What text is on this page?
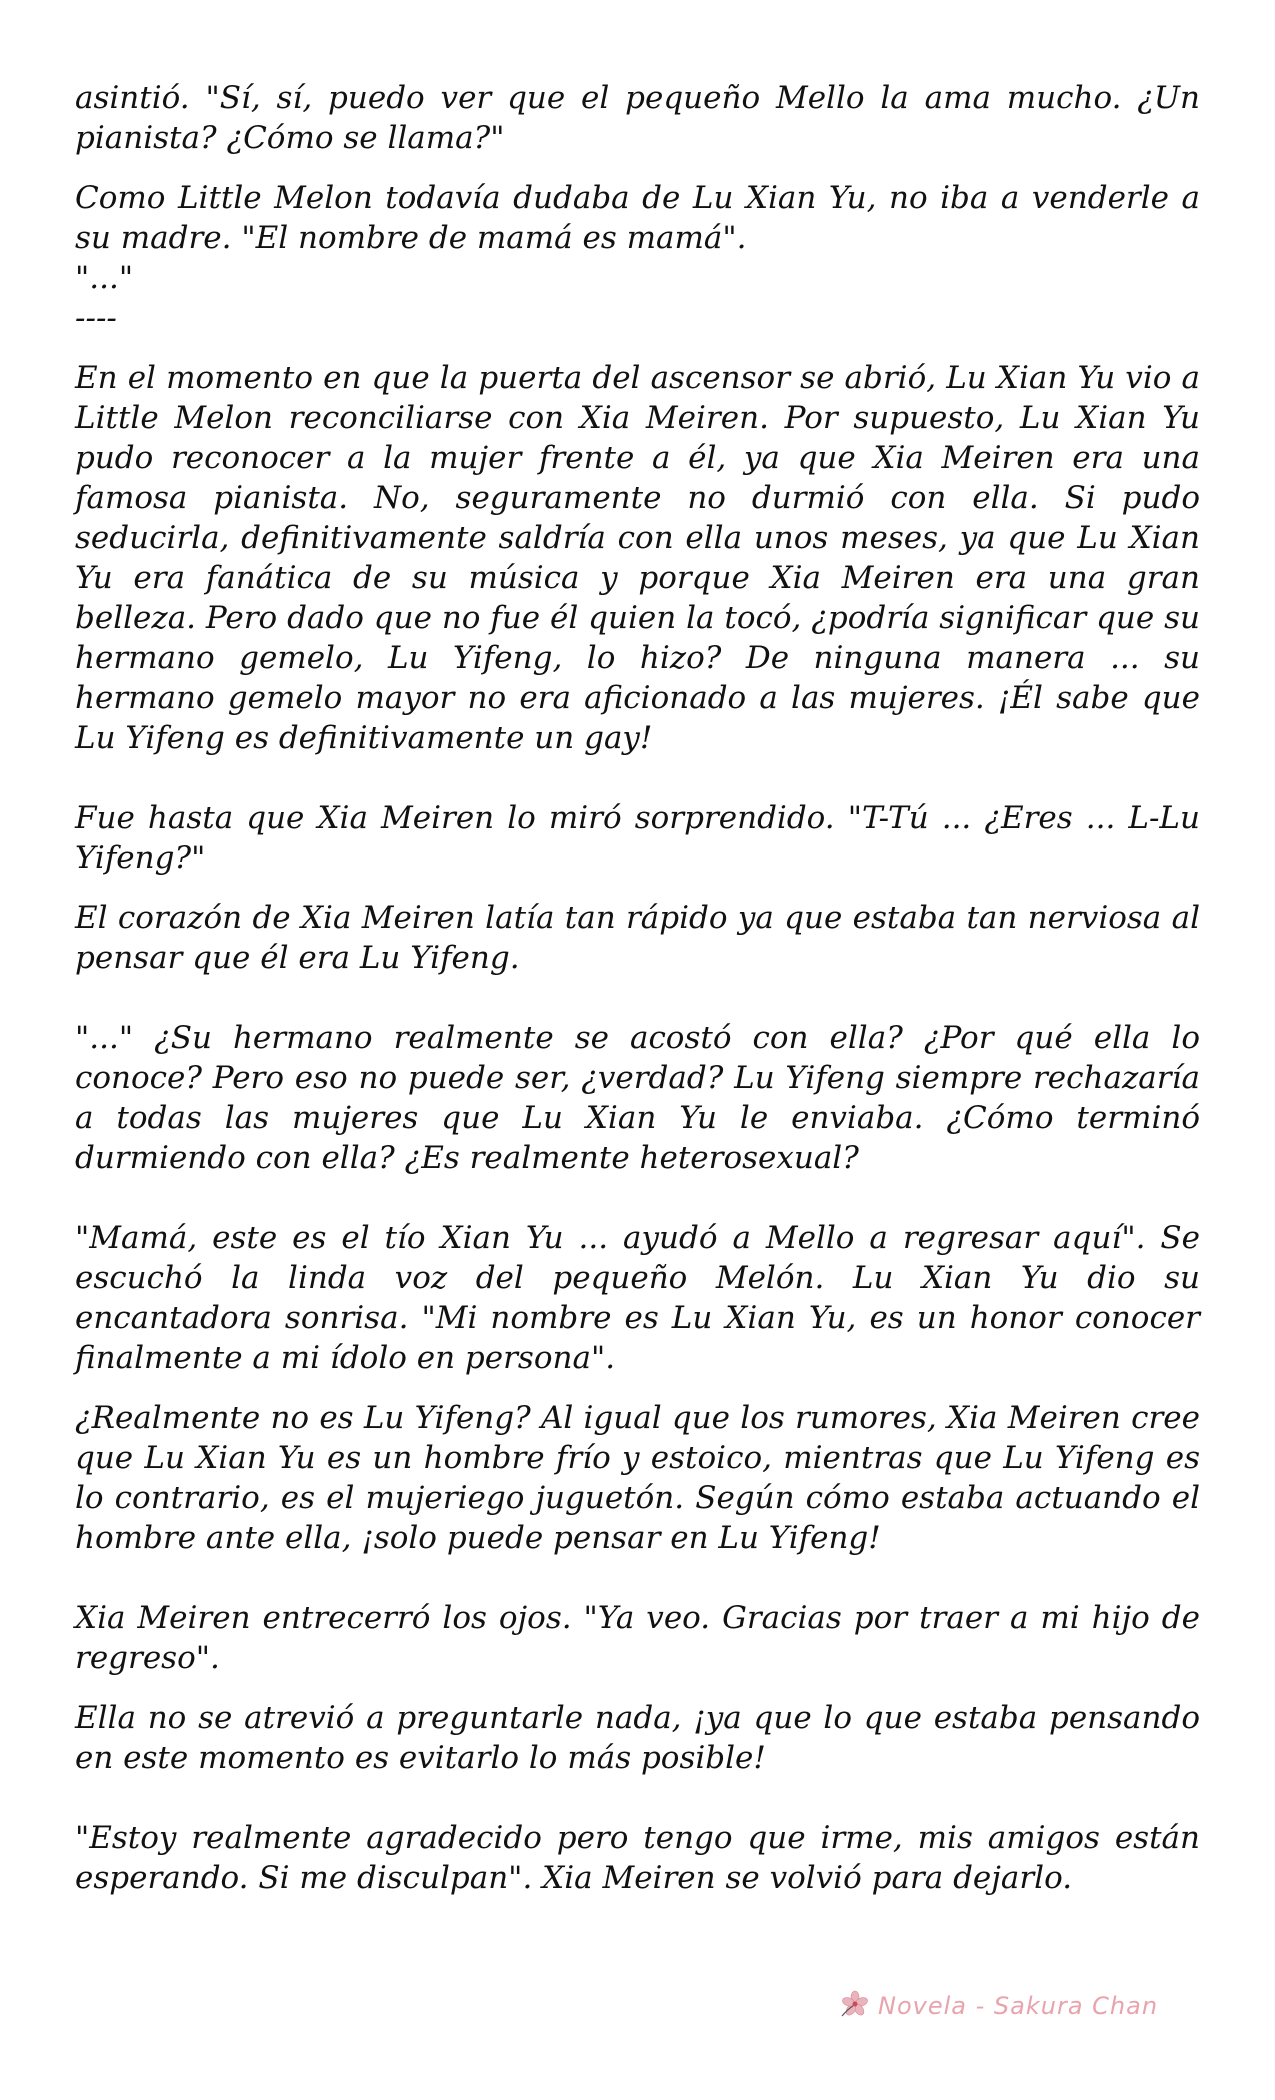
asintió. "Sí, sí, puedo ver que el pequeño Mello la ama mucho. ¿Un pianista? ¿Cómo se llama?"

Como Little Melon todavía dudaba de Lu Xian Yu, no iba a venderle a su madre. "El nombre de mamá es mamá".
"..."
----

En el momento en que la puerta del ascensor se abrió, Lu Xian Yu vio a Little Melon reconciliarse con Xia Meiren. Por supuesto, Lu Xian Yu pudo reconocer a la mujer frente a él, ya que Xia Meiren era una famosa pianista. No, seguramente no durmió con ella. Si pudo seducirla, definitivamente saldría con ella unos meses, ya que Lu Xian Yu era fanática de su música y porque Xia Meiren era una gran belleza. Pero dado que no fue él quien la tocó, ¿podría significar que su hermano gemelo, Lu Yifeng, lo hizo? De ninguna manera ... su hermano gemelo mayor no era aficionado a las mujeres. ¡Él sabe que Lu Yifeng es definitivamente un gay!

Fue hasta que Xia Meiren lo miró sorprendido. "T-Tú ... ¿Eres ... L-Lu Yifeng?"

El corazón de Xia Meiren latía tan rápido ya que estaba tan nerviosa al pensar que él era Lu Yifeng.

"..." ¿Su hermano realmente se acostó con ella? ¿Por qué ella lo conoce? Pero eso no puede ser, ¿verdad? Lu Yifeng siempre rechazaría a todas las mujeres que Lu Xian Yu le enviaba. ¿Cómo terminó durmiendo con ella? ¿Es realmente heterosexual?

"Mamá, este es el tío Xian Yu ... ayudó a Mello a regresar aquí". Se escuchó la linda voz del pequeño Melón. Lu Xian Yu dio su encantadora sonrisa. "Mi nombre es Lu Xian Yu, es un honor conocer finalmente a mi ídolo en persona".

¿Realmente no es Lu Yifeng? Al igual que los rumores, Xia Meiren cree que Lu Xian Yu es un hombre frío y estoico, mientras que Lu Yifeng es lo contrario, es el mujeriego juguetón. Según cómo estaba actuando el hombre ante ella, ¡solo puede pensar en Lu Yifeng!

Xia Meiren entrecerró los ojos. "Ya veo. Gracias por traer a mi hijo de regreso".

Ella no se atrevió a preguntarle nada, ¡ya que lo que estaba pensando en este momento es evitarlo lo más posible!

"Estoy realmente agradecido pero tengo que irme, mis amigos están esperando. Si me disculpan". Xia Meiren se volvió para dejarlo.

Novela - Sakura Chan
